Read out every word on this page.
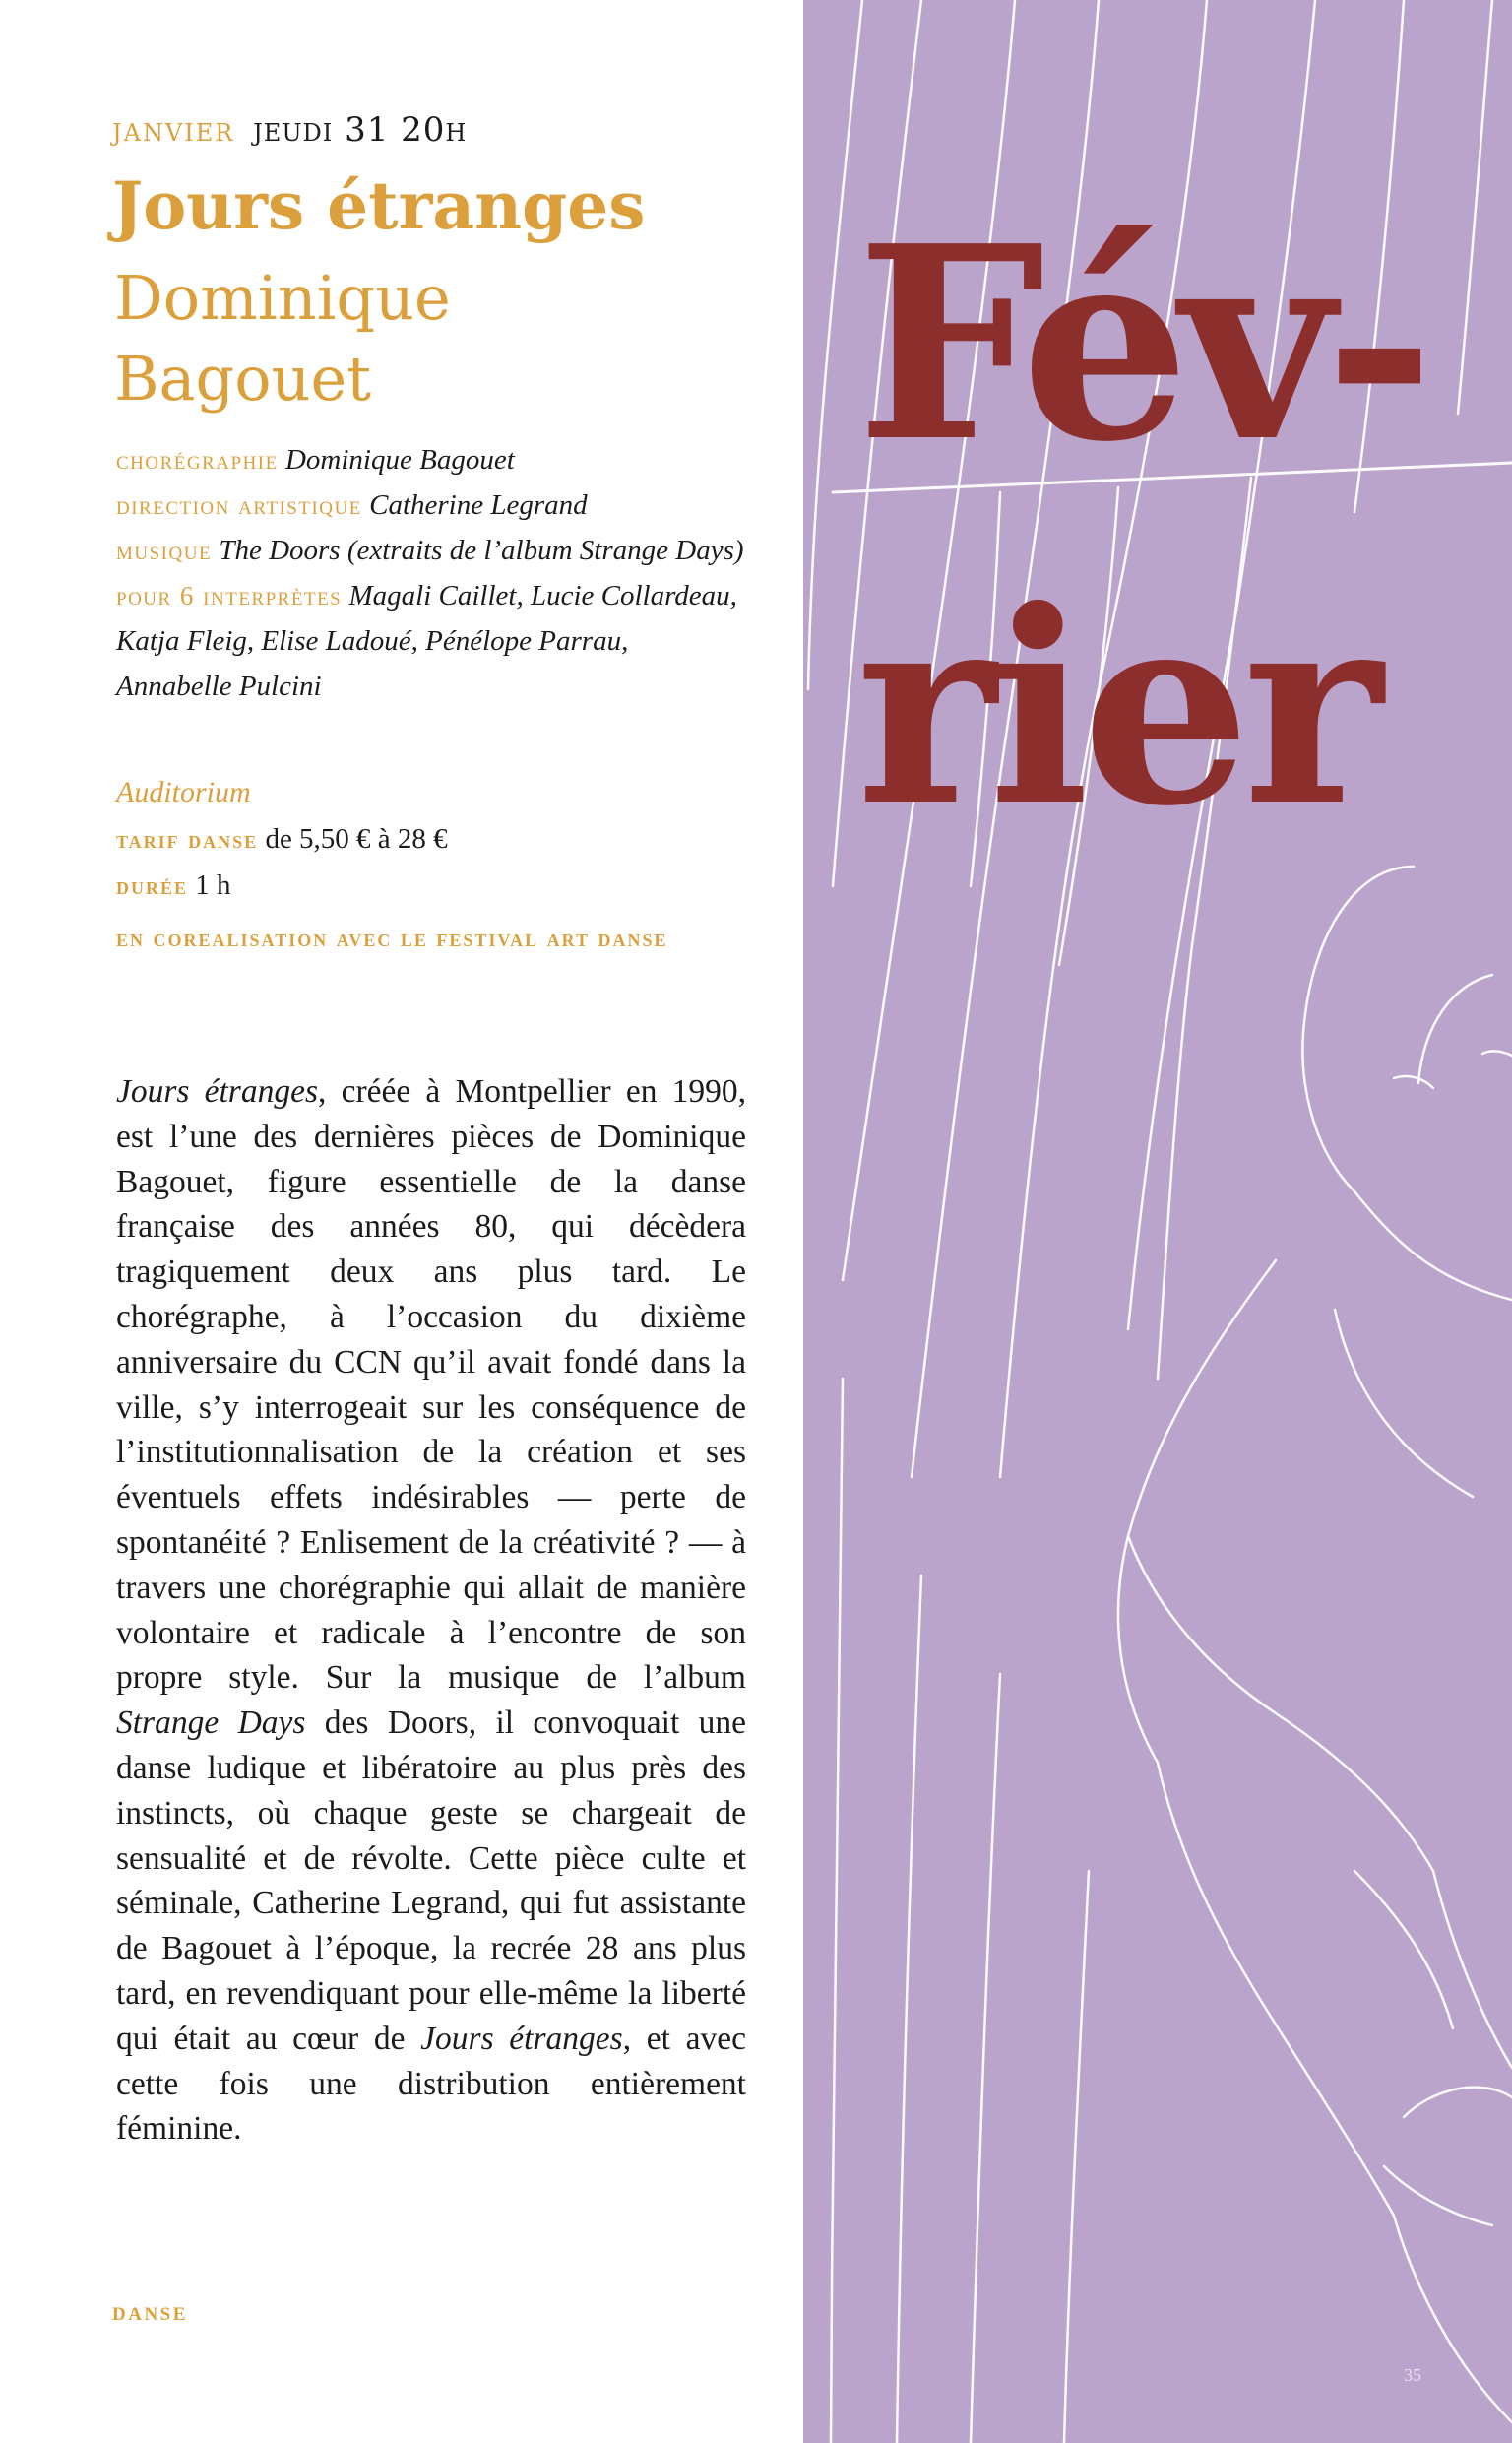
janvier jeudi 31 20h
Jours étranges
Dominique
Bagouet
chorégraphie Dominique Bagouet
direction artistique Catherine Legrand
musique The Doors (extraits de l’album Strange Days)
pour 6 interprètes Magali Caillet, Lucie Collardeau, Katja Fleig, Elise Ladoué, Pénélope Parrau, Annabelle Pulcini
Auditorium
tarif danse de 5,50 € à 28 €
durée 1 h
en corealisation avec le festival art danse

Jours étranges, créée à Montpellier en 1990, est l’une des dernières pièces de Dominique Bagouet, figure essentielle de la danse française des années 80, qui décèdera tragiquement deux ans plus tard. Le chorégraphe, à l’occasion du dixième anniversaire du CCN qu’il avait fondé dans la ville, s’y interrogeait sur les conséquence de l’institutionnalisation de la création et ses éventuels effets indésirables — perte de spontanéité ? Enlisement de la créativité ? — à travers une chorégraphie qui allait de manière volontaire et radicale à l’encontre de son propre style. Sur la musique de l’album Strange Days des Doors, il convoquait une danse ludique et libératoire au plus près des instincts, où chaque geste se chargeait de sensualité et de révolte. Cette pièce culte et séminale, Catherine Legrand, qui fut assistante de Bagouet à l’époque, la recrée 28 ans plus tard, en revendiquant pour elle-même la liberté qui était au cœur de Jours étranges, et avec cette fois une distribution entièrement féminine.

danse
Fév-
rier
35
